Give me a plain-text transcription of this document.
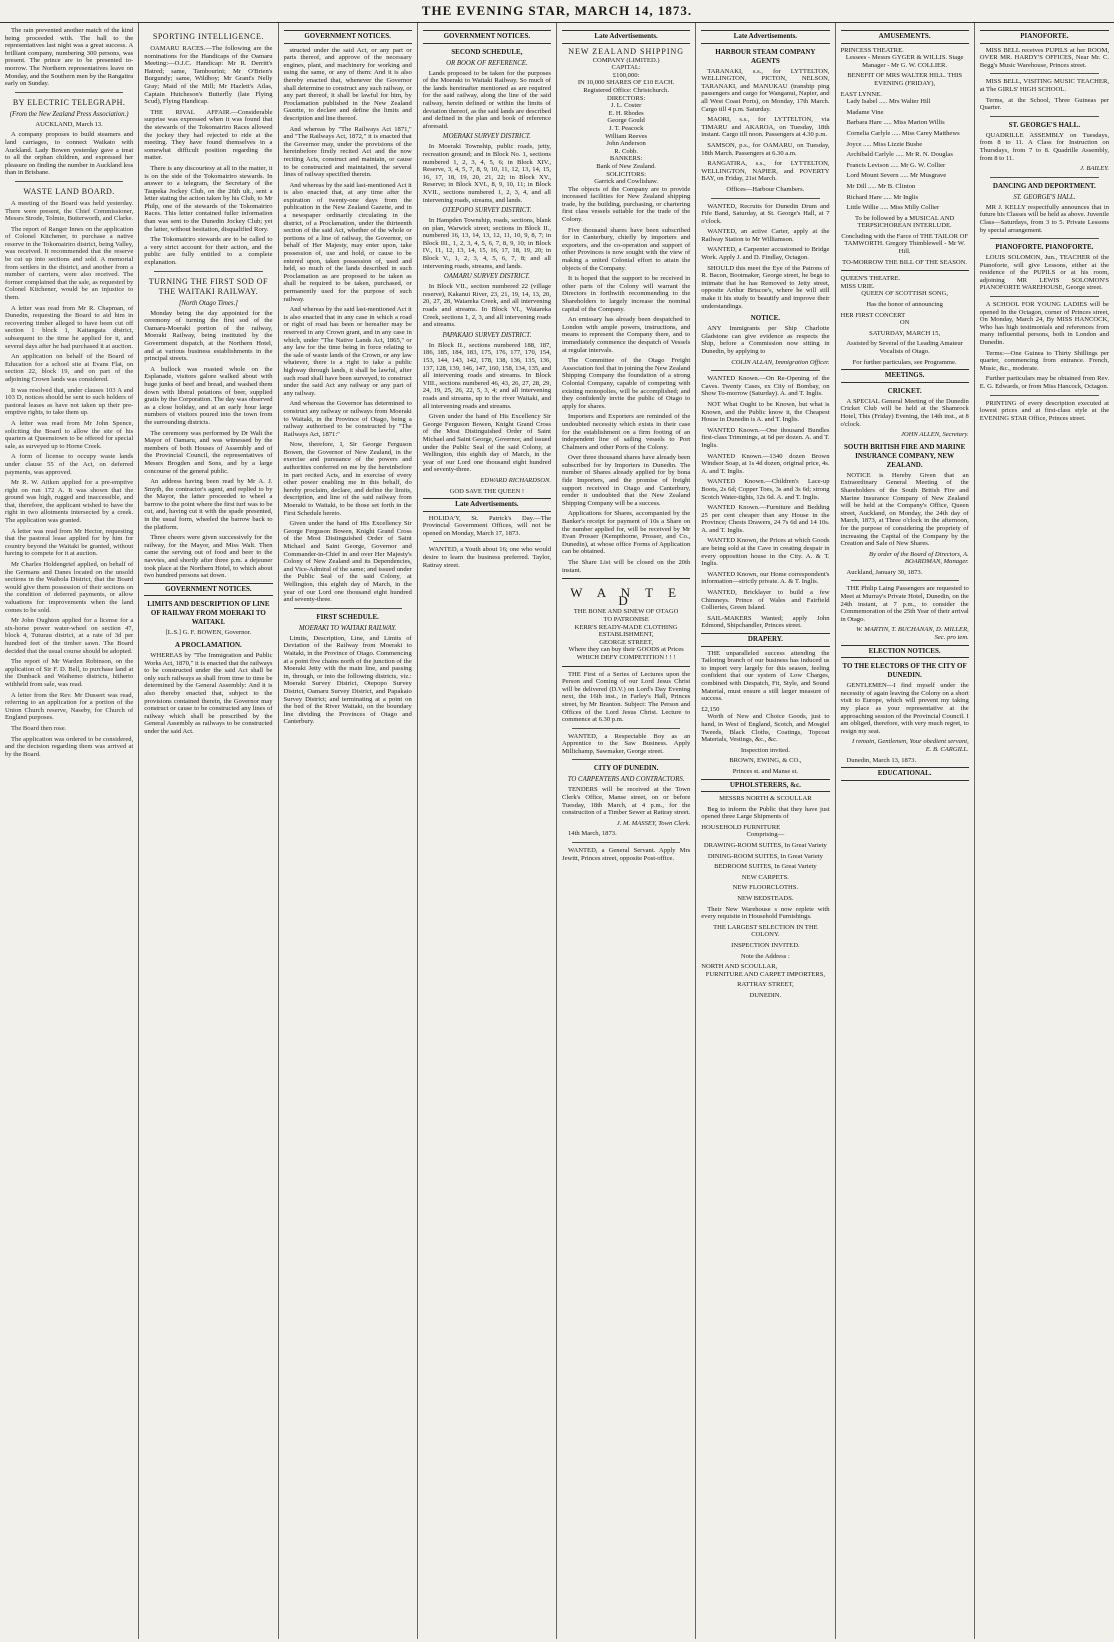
THE EVENING STAR, MARCH 14, 1873.

The rain prevented another match of the kind being proceeded with. The ball to the representatives last night was a great success. A brilliant company, numbering 300 persons, was present. The prince are to be presented to-morrow. The Northern representatives leave on Monday, and the Southern men by the Rangatira early on Sunday.

BY ELECTRIC TELEGRAPH.
(From the New Zealand Press Association.)

AUCKLAND, March 13.

A company proposes to build steamers and land carriages, to connect Waikato with Auckland. Lady Bowen yesterday gave a treat to all the orphan children, and expressed her pleasure on finding the number in Auckland less than in Brisbane.

WASTE LAND BOARD.

A meeting of the Board was held yesterday. There were present, the Chief Commissioner, Messrs Strode, Tolmie, Butterworth, and Clarke.

The report of Ranger Innes on the application of Colonel Kitchener, to purchase a native reserve in the Tokomairiro district, being Valley, was received. It recommended that the reserve be cut up into sections and sold. A memorial from settlers in the district, and another from a number of carriers, were also received. The former complained that the sale, as requested by Colonel Kitchener, would be an injustice to them.

A letter was read from Mr R. Chapman, of Dunedin, requesting the Board to aid him in recovering timber alleged to have been cut off section 1 block 1, Kaitangata district, subsequent to the time he applied for it, and several days after he had purchased it at auction.

An application on behalf of the Board of Education for a school site at Evans Flat, on section 22, block 19, and on part of the adjoining Crown lands was considered.

It was resolved that, under clauses 103 A and 103 D, notices should be sent to such holders of pastoral leases as have not taken up their pre-emptive rights, to take them up.

A letter was read from Mr John Spence, soliciting the Board to allow the site of his quarters at Queenstown to be offered for special sale, as surveyed up to Horne Creek.

A form of license to occupy waste lands under clause 55 of the Act, on deferred payments, was approved.

Mr R. W. Aitken applied for a pre-emptive right on run 172 A. It was shown that the ground was high, rugged and inaccessible, and that, therefore, the applicant wished to have the right in two allotments intersected by a creek. The application was granted.

A letter was read from Mr Hector, requesting that the pastoral lease applied for by him for country beyond the Waitaki be granted, without having to compete for it at auction.

Mr Charles Holdengrief applied, on behalf of the Germans and Danes located on the unsold sections in the Waihola District, that the Board would give them possession of their sections on the condition of deferred payments, or allow valuations for improvements when the land comes to be sold.

Mr John Oughton applied for a license for a six-horse power water-wheel on section 47, block 4, Tuturau district, at a rate of 3d per hundred feet of the timber sawn. The Board decided that the usual course should be adopted.

The report of Mr Warden Robinson, on the application of Sir F. D. Bell, to purchase land at the Dunback and Waihemo districts, hitherto withheld from sale, was read.

A letter from the Rev. Mr Dussert was read, referring to an application for a portion of the Union Church reserve, Naseby, for Church of England purposes.

The Board then rose.

The application was ordered to be considered, and the decision regarding them was arrived at by the Board.

SPORTING INTELLIGENCE.

OAMARU RACES.—The following are the nominations for the Handicaps of the Oamaru Meeting:—O.J.C. Handicap: Mr R. Derritt's Hatred; same, Tambourini; Mr O'Brien's Burgundy; same, Wildboy; Mr Grant's Nelly Gray; Maid of the Mill; Mr Hazlett's Atlas, Captain Hutcheson's Butterfly (late Flying Scud), Flying Handicap.

THE RIVAL AFFAIR.—Considerable surprise was expressed when it was found that the stewards of the Tokomairiro Races allowed the jockey they had rejected to ride at the meeting. They have found themselves in a somewhat difficult position regarding the matter.

There is any discourtesy at all in the matter, it is on the side of the Tokomairiro stewards. In answer to a telegram, the Secretary of the Taupeka Jockey Club, on the 26th ult., sent a letter stating the action taken by his Club, to Mr Philp, one of the stewards of the Tokomairiro Races. This letter contained fuller information than was sent to the Dunedin Jockey Club; yet the latter, without hesitation, disqualified Rory.

The Tokomairiro stewards are to be called to a very strict account for their action, and the public are fully entitled to a complete explanation.

TURNING THE FIRST SOD OF THE WAITAKI RAILWAY.
[North Otago Times.]

Monday being the day appointed for the ceremony of turning the first sod of the Oamaru-Moeraki portion of the railway, Moeraki Railway, being instituted by the Government dispatch, at the Northern Hotel, and at various business establishments in the principal streets.

A bullock was roasted whole on the Esplanade, visitors galore walked about with huge junks of beef and bread, and washed them down with liberal potations of beer, supplied gratis by the Corporation. The day was observed as a close holiday, and at an early hour large numbers of visitors poured into the town from the surrounding districts.

The ceremony was performed by Dr Walt the Mayor of Oamaru, and was witnessed by the members of both Houses of Assembly and of the Provincial Council, the representatives of Messrs Brogden and Sons, and by a large concourse of the general public.

An address having been read by Mr A. J. Smyth, the contractor's agent, and replied to by the Mayor, the latter proceeded to wheel a barrow to the point where the first turf was to be cut, and, having cut it with the spade presented, in the usual form, wheeled the barrow back to the platform.

Three cheers were given successively for the railway, for the Mayor, and Miss Walt. Then came the serving out of food and beer to the navvies, and shortly after three p.m. a dejeuner took place at the Northern Hotel, to which about two hundred persons sat down.

GOVERNMENT NOTICES.
LIMITS AND DESCRIPTION OF LINE OF RAILWAY FROM MOERAKI TO WAITAKI.

[L.S.] G. F. BOWEN, Governor.

A PROCLAMATION.

WHEREAS by "The Immigration and Public Works Act, 1870," it is enacted that the railways to be constructed under the said Act shall be only such railways as shall from time to time be determined by the General Assembly: And it is also thereby enacted that, subject to the provisions contained therein, the Governor may construct or cause to be constructed any lines of railway which shall be prescribed by the General Assembly as railways to be constructed under the said Act.

GOVERNMENT NOTICES.

structed under the said Act, or any part or parts thereof, and approve of the necessary engines, plant, and machinery for working and using the same, or any of them: And it is also thereby enacted that, whenever the Governor shall determine to construct any such railway, or any part thereof, it shall be lawful for him, by Proclamation published in the New Zealand Gazette, to declare and define the limits and description and line thereof.

And whereas by "The Railways Act 1871," and "The Railways Act, 1872," it is enacted that the Governor may, under the provisions of the hereinbefore firstly recited Act and the now reciting Acts, construct and maintain, or cause to be constructed and maintained, the several lines of railway specified therein.

And whereas by the said last-mentioned Act it is also enacted that, at any time after the expiration of twenty-one days from the publication in the New Zealand Gazette, and in a newspaper ordinarily circulating in the district, of a Proclamation, under the thirteenth section of the said Act, whether of the whole or portions of a line of railway, the Governor, on behalf of Her Majesty, may enter upon, take possession of, use and hold, or cause to be entered upon, taken possession of, used and held, so much of the lands described in such Proclamation as are proposed to be taken as shall be required to be taken, purchased, or permanently used for the purpose of such railway.

And whereas by the said last-mentioned Act it is also enacted that in any case in which a road or right of road has been or hereafter may be reserved in any Crown grant, and in any case in which, under "The Native Lands Act, 1865," or any law for the time being in force relating to the sale of waste lands of the Crown, or any law whatever, there is a right to take a public highway through lands, it shall be lawful, after such road shall have been surveyed, to construct under the said Act any railway or any part of any railway.

And whereas the Governor has determined to construct any railway or railways from Moeraki to Waitaki, in the Province of Otago, being a railway authorised to be constructed by "The Railways Act, 1871:"

Now, therefore, I, Sir George Ferguson Bowen, the Governor of New Zealand, in the exercise and pursuance of the powers and authorities conferred on me by the hereinbefore in part recited Acts, and in exercise of every other power enabling me in this behalf, do hereby proclaim, declare, and define the limits, description, and line of the said railway from Moeraki to Waitaki, to be those set forth in the First Schedule hereto.

Given under the hand of His Excellency Sir George Ferguson Bowen, Knight Grand Cross of the Most Distinguished Order of Saint Michael and Saint George, Governor and Commander-in-Chief in and over Her Majesty's Colony of New Zealand and its Dependencies, and Vice-Admiral of the same; and issued under the Public Seal of the said Colony, at Wellington, this eighth day of March, in the year of our Lord one thousand eight hundred and seventy-three.

FIRST SCHEDULE.
MOERAKI TO WAITAKI RAILWAY.

Limits, Description, Line, and Limits of Deviation of the Railway from Moeraki to Waitaki, in the Province of Otago. Commencing at a point five chains north of the junction of the Moeraki Jetty with the main line, and passing in, through, or into the following districts, viz.: Moeraki Survey District, Otepopo Survey District, Oamaru Survey District, and Papakaio Survey District; and terminating at a point on the bed of the River Waitaki, on the boundary line dividing the Provinces of Otago and Canterbury.

GOVERNMENT NOTICES.
SECOND SCHEDULE,
OR BOOK OF REFERENCE.

Lands proposed to be taken for the purposes of the Moeraki to Waitaki Railway. So much of the lands hereinafter mentioned as are required for the said railway, along the line of the said railway, herein defined or within the limits of deviation thereof, as the said lands are described and defined in the plan and book of reference aforesaid.

MOERAKI SURVEY DISTRICT.

In Moeraki Township, public roads, jetty, recreation ground; and in Block No. 1, sections numbered 1, 2, 3, 4, 5, 6; in Block XIV., Reserve, 3, 4, 5, 7, 8, 9, 10, 11, 12, 13, 14, 15, 16, 17, 18, 19, 20, 21, 22; in Block XV., Reserve; in Block XVI., 8, 9, 10, 11; in Block XVII., sections numbered 1, 2, 3, 4, and all intervening roads, streams, and lands.

OTEPOPO SURVEY DISTRICT.

In Hampden Township, roads, sections, blank on plan, Warwick street; sections in Block II., numbered 16, 13, 14, 13, 12, 11, 10, 9, 8, 7; in Block III., 1, 2, 3, 4, 5, 6, 7, 8, 9, 10; in Block IV., 11, 12, 13, 14, 15, 16, 17, 18, 19, 20; in Block V., 1, 2, 3, 4, 5, 6, 7, 8; and all intervening roads, streams, and lands.

OAMARU SURVEY DISTRICT.

In Block VII., section numbered 22 (village reserve), Kakanui River, 23, 21, 19, 14, 13, 20, 20, 27, 28, Waiareka Creek, and all intervening roads and streams. In Block VI., Waiareka Creek, sections 1, 2, 3, and all intervening roads and streams.

PAPAKAIO SURVEY DISTRICT.

In Block II., sections numbered 188, 187, 186, 185, 184, 183, 175, 176, 177, 170, 154, 153, 144, 143, 142, 178, 138, 136, 135, 136, 137, 128, 139, 146, 147, 160, 158, 134, 135, and all intervening roads and streams. In Block VIII., sections numbered 46, 43, 26, 27, 28, 29, 24, 19, 25, 26, 22, 5, 3, 4; and all intervening roads and streams, up to the river Waitaki, and all intervening roads and streams.

Given under the hand of His Excellency Sir George Ferguson Bowen, Knight Grand Cross of the Most Distinguished Order of Saint Michael and Saint George, Governor, and issued under the Public Seal of the said Colony, at Wellington, this eighth day of March, in the year of our Lord one thousand eight hundred and seventy-three.

EDWARD RICHARDSON.

GOD SAVE THE QUEEN !

Late Advertisements.

HOLIDA'Y, St. Patrick's Day.—The Provincial Government Offices, will not be opened on Monday, March 17, 1873.

WANTED, a Youth about 16; one who would desire to learn the business preferred. Taylor, Rattray street.

Late Advertisements.
NEW ZEALAND SHIPPING
COMPANY (LIMITED.)
CAPITAL:
£100,000:
IN 10,000 SHARES OF £10 EACH.
Registered Office: Christchurch.
DIRECTORS:
J. L. Coster
E. H. Rhodes
George Gould
J. T. Peacock
William Reeves
John Anderson
R. Cobb.
BANKERS:
Bank of New Zealand.
SOLICITORS:
Garrick and Cowlishaw.

The objects of the Company are to provide increased facilities for New Zealand shipping trade, by the building, purchasing, or chartering first class vessels suitable for the trade of the Colony.

Five thousand shares have been subscribed for in Canterbury, chiefly by importers and exporters, and the co-operation and support of other Provinces is now sought with the view of making a united Colonial effort to attain the objects of the Company.

It is hoped that the support to be received in other parts of the Colony will warrant the Directors in forthwith recommending to the Shareholders to largely increase the nominal capital of the Company.

An emissary has already been despatched to London with ample powers, instructions, and means to represent the Company there, and to immediately commence the despatch of Vessels at regular intervals.

The Committee of the Otago Freight Association feel that in joining the New Zealand Shipping Company the foundation of a strong Colonial Company, capable of competing with existing monopolies, will be accomplished; and they confidently invite the public of Otago to apply for shares.

Importers and Exporters are reminded of the undoubted necessity which exists in their case for the establishment on a firm footing of an independent line of sailing vessels to Port Chalmers and other Ports of the Colony.

Over three thousand shares have already been subscribed for by Importers in Dunedin. The number of Shares already applied for by bona fide Importers, and the promise of freight support received in Otago and Canterbury, render it undoubted that the New Zealand Shipping Company will be a success.

Applications for Shares, accompanied by the Banker's receipt for payment of 10s a Share on the number applied for, will be received by Mr Evan Prosser (Kempthorne, Prosser, and Co., Dunedin), at whose office Forms of Application can be obtained.

The Share List will be closed on the 20th instant.

W A N T E D
THE BONE AND SINEW OF OTAGO
TO PATRONISE
KERR'S READY-MADE CLOTHING
ESTABLISHMENT,
GEORGE STREET,
Where they can buy their GOODS at Prices
WHICH DEFY COMPETITION ! ! !

THE First of a Series of Lectures upon the Person and Coming of our Lord Jesus Christ will be delivered (D.V.) on Lord's Day Evening next, the 16th inst., in Farley's Hall, Princes street, by Mr Branton. Subject: The Person and Offices of the Lord Jesus Christ. Lecture to commence at 6.30 p.m.

WANTED, a Respectable Boy as an Apprentice to the Saw Business. Apply Millichamp, Sawmaker, George street.

CITY OF DUNEDIN.
TO CARPENTERS AND CONTRACTORS.

TENDERS will be received at the Town Clerk's Office, Manse street, on or before Tuesday, 18th March, at 4 p.m., for the construction of a Timber Sewer at Rattray street.

J. M. MASSEY, Town Clerk.

14th March, 1873.

WANTED, a General Servant. Apply Mrs Jewitt, Princes street, opposite Post-office.

Late Advertisements.
HARBOUR STEAM COMPANY AGENTS

TARANAKI, s.s., for LYTTELTON, WELLINGTON, PICTON, NELSON, TARANAKI, and MANUKAU (tranship ping passengers and cargo for Wanganui, Napier, and all West Coast Ports), on Monday, 17th March. Cargo till 4 p.m. Saturday.

MAORI, s.s., for LYTTELTON, via TIMARU and AKAROA, on Tuesday, 18th instant. Cargo till noon. Passengers at 4.30 p.m.

SAMSON, p.s., for OAMARU, on Tuesday, 18th March. Passengers at 6.30 a.m.

RANGATIRA, s.s., for LYTTELTON, WELLINGTON, NAPIER, and POVERTY BAY, on Friday, 21st March.

Offices—Harbour Chambers.

WANTED, Recruits for Dunedin Drum and Fife Band, Saturday, at St. George's Hall, at 7 o'clock.

WANTED, an active Carter, apply at the Railway Station to Mr Williamson.

WANTED, a Carpenter accustomed to Bridge Work. Apply J. and D. Findlay, Octagon.

SHOULD this meet the Eye of the Patrons of R. Bacon, Bootmaker, George street, he begs to intimate that he has Removed to Jetty street, opposite Arthur Briscoe's, where he will still make it his study to beautify and improve their understandings.

NOTICE.

ANY Immigrants per Ship Charlotte Gladstone can give evidence as respects the Ship, before a Commission now sitting in Dunedin, by applying to

COLIN ALLAN, Immigration Officer.

WANTED Known.—On Re-Opening of the Caves. Twenty Cases, ex City of Bombay, on Show To-morrow (Saturday). A. and T. Inglis.

NOT What Ought to be Known, but what is Known, and the Public know it, the Cheapest House in Dunedin is A. and T. Inglis.

WANTED Known.—One thousand Bundles first-class Trimmings, at 6d per dozen. A. and T. Inglis.

WANTED Known.—1340 dozen Brown Windsor Soap, at 1s 4d dozen, original price, 4s. A. and T. Inglis.

WANTED Known.—Children's Lace-up Boots, 2s 6d; Copper Toes, 3s and 3s 6d; strong Scotch Water-tights, 12s 6d. A. and T. Inglis.

WANTED Known.—Furniture and Bedding 25 per cent cheaper than any House in the Province; Chests Drawers, 24 7s 6d and 14 10s. A. and T. Inglis.

WANTED Known, the Prices at which Goods are being sold at the Cave in creating despair in every opposition house in the City. A. & T. Inglis.

WANTED Known, our Home correspondent's information—strictly private. A. & T. Inglis.

WANTED, Bricklayer to build a few Chimneys. Prince of Wales and Fairfield Collieries, Green Island.

SAIL-MAKERS Wanted; apply John Edmond, Shipchandler, Princes street.

DRAPERY.

THE unparalleled success attending the Tailoring branch of our business has induced us to import very largely for this season, feeling confident that our system of Low Charges, combined with Despatch, Fit, Style, and Sound Material, must ensure a still larger measure of success.

£2,150

Worth of New and Choice Goods, just to hand, in West of England, Scotch, and Mosgiel Tweeds, Black Cloths, Coatings, Topcoat Materials, Vestings, &c., &c.

Inspection invited.

BROWN, EWING, & CO.,

Princes st. and Manse st.

UPHOLSTERERS, &c.

MESSRS NORTH & SCOULLAR

Beg to inform the Public that they have just opened three Large Shipments of

HOUSEHOLD FURNITURE

Comprising—

DRAWING-ROOM SUITES, In Great Variety

DINING-ROOM SUITES, In Great Variety

BEDROOM SUITES, In Great Variety

NEW CARPETS.

NEW FLOORCLOTHS.

NEW BEDSTEADS.

Their New Warehouse s now replete with every requisite in Household Furnishings.

THE LARGEST SELECTION IN THE COLONY.

INSPECTION INVITED.

Note the Address :

NORTH AND SCOULLAR,

FURNITURE AND CARPET IMPORTERS,

RATTRAY STREET,

DUNEDIN.

AMUSEMENTS.
PRINCESS THEATRE.

Lessees - Messrs GYGER & WILLIS. Stage Manager - Mr G. W. COLLIER.

BENEFIT OF MRS WALTER HILL. THIS EVENING (FRIDAY),

EAST LYNNE.

Lady Isabel ..... Mrs Walter Hill

Madame Vine

Barbara Hare ..... Miss Marion Willis

Cornelia Carlyle ..... Miss Carey Matthews

Joyce ..... Miss Lizzie Bushe

Archibald Carlyle ..... Mr R. N. Douglas

Francis Levison ..... Mr G. W. Collier

Lord Mount Severn ..... Mr Musgrave

Mr Dill ..... Mr B. Clinton

Richard Hare ..... Mr Inglis

Little Willie ..... Miss Milly Collier

To be followed by a MUSICAL AND TERPSICHOREAN INTERLUDE.

Concluding with the Farce of THE TAILOR OF TAMWORTH. Gregory Thimblewell - Mr W. Hill.

TO-MORROW THE BILL OF THE SEASON.

QUEEN'S THEATRE.
MISS URIE.

QUEEN OF SCOTTISH SONG,

Has the honor of announcing

HER FIRST CONCERT

ON

SATURDAY, MARCH 15,

Assisted by Several of the Leading Amateur Vocalists of Otago.

For further particulars, see Programme.

MEETINGS.
CRICKET.

A SPECIAL General Meeting of the Dunedin Cricket Club will be held at the Shamrock Hotel, This (Friday) Evening, the 14th inst., at 8 o'clock.

JOHN ALLEN, Secretary.

SOUTH BRITISH FIRE AND MARINE INSURANCE COMPANY, NEW ZEALAND.

NOTICE is Hereby Given that an Extraordinary General Meeting of the Shareholders of the South British Fire and Marine Insurance Company of New Zealand will be held at the Company's Office, Queen street, Auckland, on Monday, the 24th day of March, 1873, at Three o'clock in the afternoon, for the purpose of considering the propriety of increasing the Capital of the Company by the Creation and Sale of New Shares.

By order of the Board of Directors, A. BOARDMAN, Manager.

Auckland, January 30, 1873.

THE Philip Laing Passengers are requested to Meet at Murray's Private Hotel, Dunedin, on the 24th instant, at 7 p.m., to consider the Commemoration of the 25th Year of their arrival in Otago.

W. MARTIN, T. BUCHANAN, D. MILLER, Sec. pro tem.

ELECTION NOTICES.
TO THE ELECTORS OF THE CITY OF DUNEDIN.

GENTLEMEN—I find myself under the necessity of again leaving the Colony on a short visit to Europe, which will prevent my taking my place as your representative at the approaching session of the Provincial Council. I am obliged, therefore, with very much regret, to resign my seat.

I remain, Gentlemen, Your obedient servant, E. B. CARGILL.

Dunedin, March 13, 1873.

EDUCATIONAL.
PIANOFORTE.

MISS BELL receives PUPILS at her ROOM, OVER MR. HARDY'S OFFICES, Near Mr. C. Begg's Music Warehouse, Princes street.

MISS BELL, VISITING MUSIC TEACHER, at The GIRLS' HIGH SCHOOL.

Terms, at the School, Three Guineas per Quarter.

ST. GEORGE'S HALL.

QUADRILLE ASSEMBLY on Tuesdays, from 8 to 11. A Class for Instruction on Thursdays, from 7 to 8. Quadrille Assembly, from 8 to 11.

J. BAILEY.

DANCING AND DEPORTMENT.
ST. GEORGE'S HALL.

MR J. KELLY respectfully announces that in future his Classes will be held as above. Juvenile Class—Saturdays, from 3 to 5. Private Lessons by special arrangement.

PIANOFORTE. PIANOFORTE.

LOUIS SOLOMON, Jun., TEACHER of the Pianoforte, will give Lessons, either at the residence of the PUPILS or at his room, adjoining MR LEWIS SOLOMON'S PIANOFORTE WAREHOUSE, George street.

A SCHOOL FOR YOUNG LADIES will be opened In the Octagon, corner of Princes street, On Monday, March 24, By MISS HANCOCK, Who has high testimonials and references from many influential persons, both in London and Dunedin.

Terms:—One Guinea to Thirty Shillings per quarter, commencing from entrance. French, Music, &c., moderate.

Further particulars may be obtained from Rev. E. G. Edwards, or from Miss Hancock, Octagon.

PRINTING of every description executed at lowest prices and at first-class style at the EVENING STAR Office, Princes street.
